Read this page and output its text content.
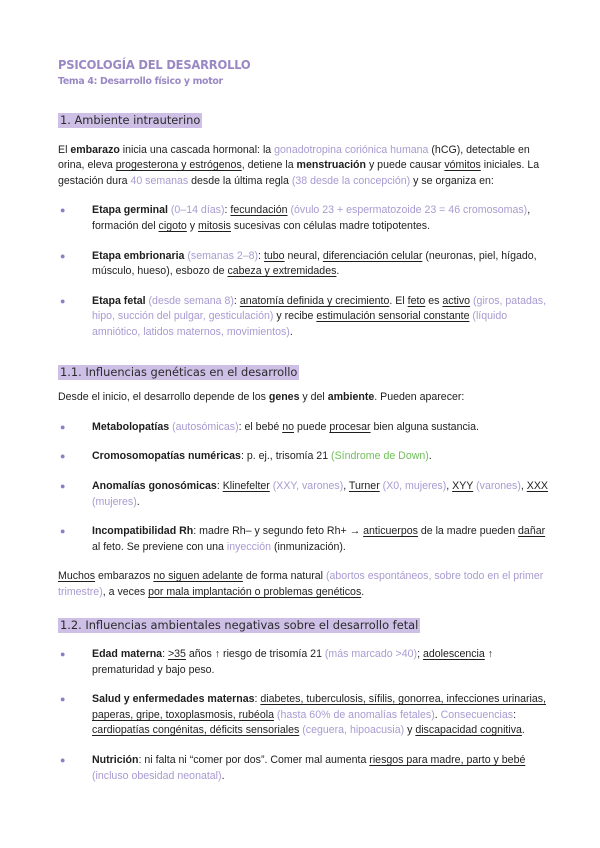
PSICOLOGÍA DEL DESARROLLO
Tema 4: Desarrollo físico y motor
1. Ambiente intrauterino

El embarazo inicia una cascada hormonal: la gonadotropina coriónica humana (hCG), detectable en orina, eleva progesterona y estrógenos, detiene la menstruación y puede causar vómitos iniciales. La gestación dura 40 semanas desde la última regla (38 desde la concepción) y se organiza en:

●	Etapa germinal (0–14 días): fecundación (óvulo 23 + espermatozoide 23 = 46 cromosomas), formación del cigoto y mitosis sucesivas con células madre totipotentes.

●	Etapa embrionaria (semanas 2–8): tubo neural, diferenciación celular (neuronas, piel, hígado, músculo, hueso), esbozo de cabeza y extremidades.

●	Etapa fetal (desde semana 8): anatomía definida y crecimiento. El feto es activo (giros, patadas, hipo, succión del pulgar, gesticulación) y recibe estimulación sensorial constante (líquido amniótico, latidos maternos, movimientos).

1.1. Influencias genéticas en el desarrollo

Desde el inicio, el desarrollo depende de los genes y del ambiente. Pueden aparecer:

●	Metabolopatías (autosómicas): el bebé no puede procesar bien alguna sustancia.

●	Cromosomopatías numéricas: p. ej., trisomía 21 (Síndrome de Down).

●	Anomalías gonosómicas: Klinefelter (XXY, varones), Turner (X0, mujeres), XYY (varones), XXX (mujeres).

●	Incompatibilidad Rh: madre Rh– y segundo feto Rh+ → anticuerpos de la madre pueden dañar al feto. Se previene con una inyección (inmunización).

Muchos embarazos no siguen adelante de forma natural (abortos espontáneos, sobre todo en el primer trimestre), a veces por mala implantación o problemas genéticos.

1.2. Influencias ambientales negativas sobre el desarrollo fetal

●	Edad materna: >35 años ↑ riesgo de trisomía 21 (más marcado >40); adolescencia ↑ prematuridad y bajo peso.

●	Salud y enfermedades maternas: diabetes, tuberculosis, sífilis, gonorrea, infecciones urinarias, paperas, gripe, toxoplasmosis, rubéola (hasta 60% de anomalías fetales). Consecuencias: cardiopatías congénitas, déficits sensoriales (ceguera, hipoacusia) y discapacidad cognitiva.

●	Nutrición: ni falta ni “comer por dos”. Comer mal aumenta riesgos para madre, parto y bebé (incluso obesidad neonatal).
